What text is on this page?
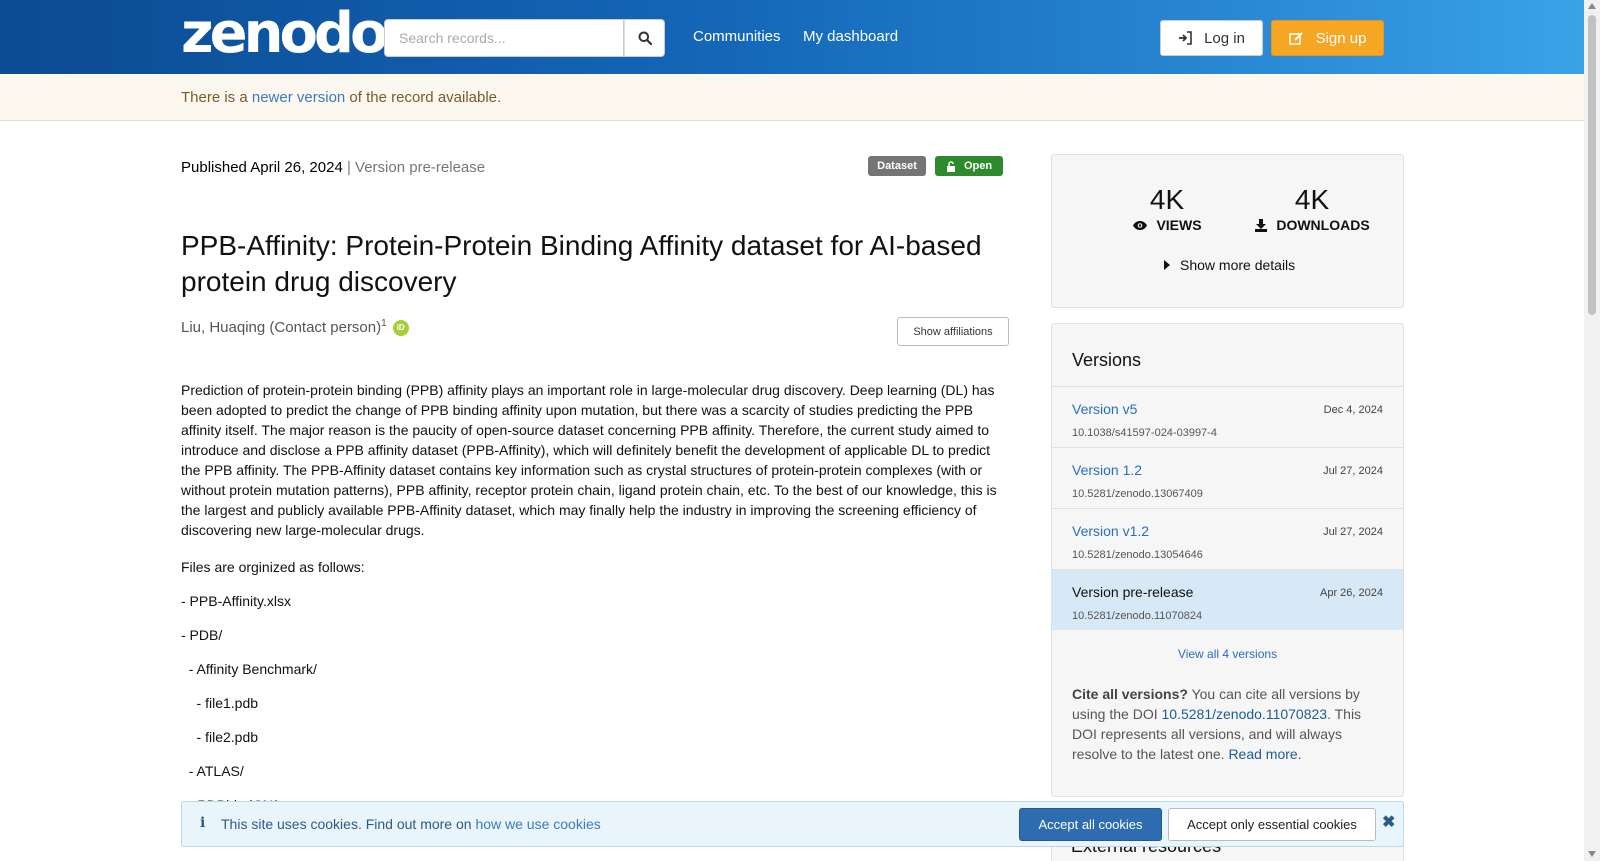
zenodo
Search records...	Communities My dashboard	Log in	Sign up
There is a newer version of the record available.
Published April 26, 2024 | Version pre-release	Dataset	Open
PPB-Affinity: Protein-Protein Binding Affinity dataset for AI-based protein drug discovery
Liu, Huaqing (Contact person)$^1$ iD	Show affiliations
Prediction of protein-protein binding (PPB) affinity plays an important role in large-molecular drug discovery. Deep learning (DL) has been adopted to predict the change of PPB binding affinity upon mutation, but there was a scarcity of studies predicting the PPB affinity itself. The major reason is the paucity of open-source dataset concerning PPB affinity. Therefore, the current study aimed to introduce and disclose a PPB affinity dataset (PPB-Affinity), which will definitely benefit the development of applicable DL to predict the PPB affinity. The PPB-Affinity dataset contains key information such as crystal structures of protein-protein complexes (with or without protein mutation patterns), PPB affinity, receptor protein chain, ligand protein chain, etc. To the best of our knowledge, this is the largest and publicly available PPB-Affinity dataset, which may finally help the industry in improving the screening efficiency of discovering new large-molecular drugs.
Files are orginized as follows:
- PPB-Affinity.xlsx
- PDB/
- Affinity Benchmark/
- file1.pdb
- file2.pdb
- ATLAS/
4K
VIEWS
4K
DOWNLOADS
Show more details
Versions
Version v5	Dec 4, 2024
10.1038/s41597-024-03997-4
Version 1.2	Jul 27, 2024
10.5281/zenodo.13067409
Version v1.2	Jul 27, 2024
10.5281/zenodo.13054646
Version pre-release	Apr 26, 2024
10.5281/zenodo.11070824
View all 4 versions
Cite all versions? You can cite all versions by using the DOI 10.5281/zenodo.11070823. This DOI represents all versions, and will always resolve to the latest one. Read more.
i This site uses cookies. Find out more on how we use cookies	Accept all cookies	Accept only essential cookies	✖
